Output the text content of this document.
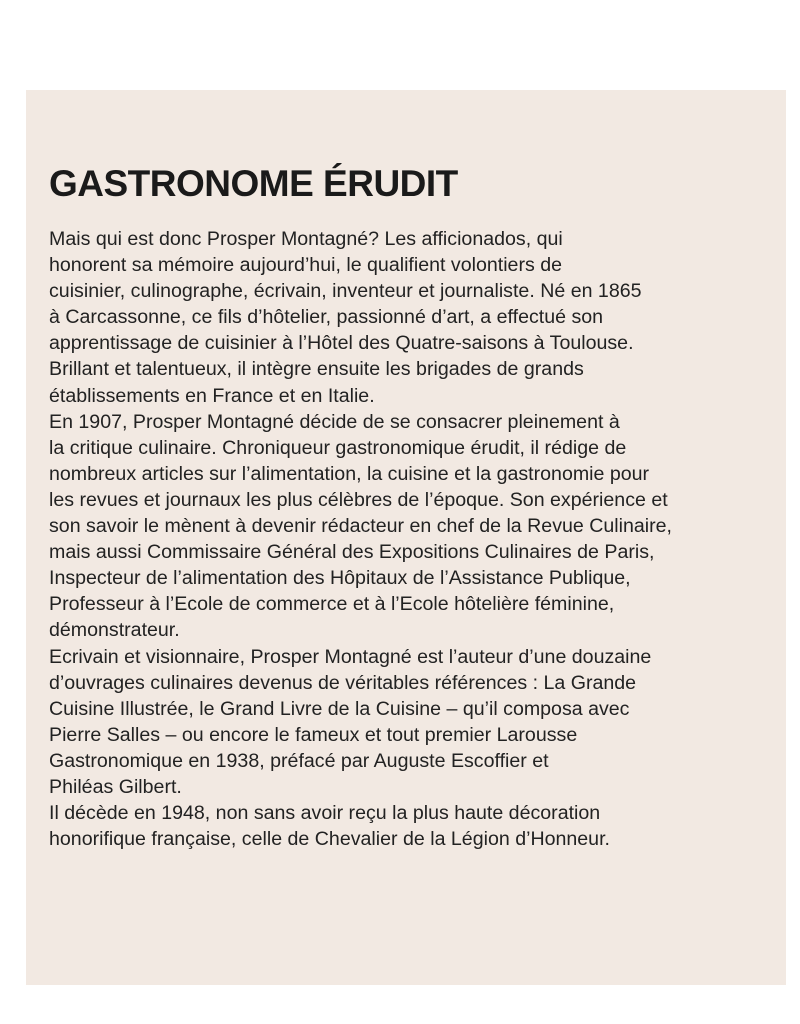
““
GASTRONOME ÉRUDIT
Mais qui est donc Prosper Montagné? Les afficionados, qui
honorent sa mémoire aujourd’hui, le qualifient volontiers de
cuisinier, culinographe, écrivain, inventeur et journaliste. Né en 1865
à Carcassonne, ce fils d’hôtelier, passionné d’art, a effectué son
apprentissage de cuisinier à l’Hôtel des Quatre-saisons à Toulouse.
Brillant et talentueux, il intègre ensuite les brigades de grands
établissements en France et en Italie.
En 1907, Prosper Montagné décide de se consacrer pleinement à
la critique culinaire. Chroniqueur gastronomique érudit, il rédige de
nombreux articles sur l’alimentation, la cuisine et la gastronomie pour
les revues et journaux les plus célèbres de l’époque. Son expérience et
son savoir le mènent à devenir rédacteur en chef de la Revue Culinaire,
mais aussi Commissaire Général des Expositions Culinaires de Paris,
Inspecteur de l’alimentation des Hôpitaux de l’Assistance Publique,
Professeur à l’Ecole de commerce et à l’Ecole hôtelière féminine,
démonstrateur.
Ecrivain et visionnaire, Prosper Montagné est l’auteur d’une douzaine
d’ouvrages culinaires devenus de véritables références : La Grande
Cuisine Illustrée, le Grand Livre de la Cuisine – qu’il composa avec
Pierre Salles – ou encore le fameux et tout premier Larousse
Gastronomique en 1938, préfacé par Auguste Escoffier et
Philéas Gilbert.
Il décède en 1948, non sans avoir reçu la plus haute décoration
honorifique française, celle de Chevalier de la Légion d’Honneur.
